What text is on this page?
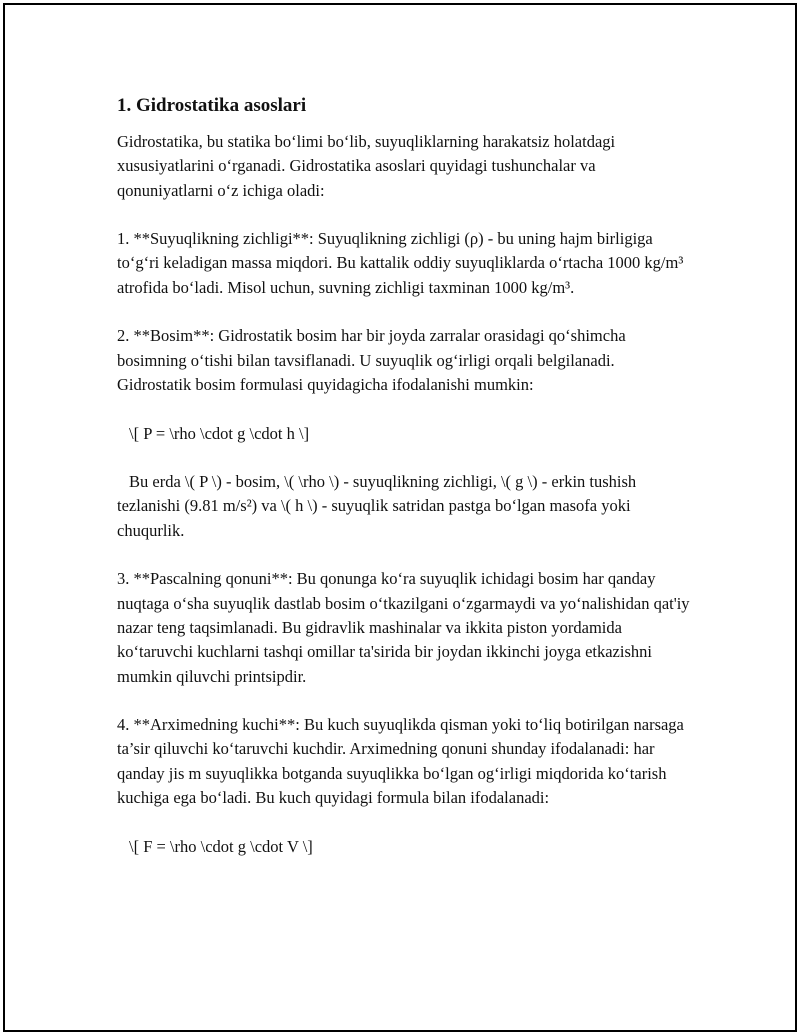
1. Gidrostatika asoslari

Gidrostatika, bu statika bo‘limi bo‘lib, suyuqliklarning harakatsiz holatdagi xususiyatlarini o‘rganadi. Gidrostatika asoslari quyidagi tushunchalar va qonuniyatlarni o‘z ichiga oladi:

1. **Suyuqlikning zichligi**: Suyuqlikning zichligi (ρ) - bu uning hajm birligiga to‘g‘ri keladigan massa miqdori. Bu kattalik oddiy suyuqliklarda o‘rtacha 1000 kg/m³ atrofida bo‘ladi. Misol uchun, suvning zichligi taxminan 1000 kg/m³.

2. **Bosim**: Gidrostatik bosim har bir joyda zarralar orasidagi qo‘shimcha bosimning o‘tishi bilan tavsiflanadi. U suyuqlik og‘irligi orqali belgilanadi. Gidrostatik bosim formulasi quyidagicha ifodalanishi mumkin:

\[ P = \rho \cdot g \cdot h \]

Bu erda \( P \) - bosim, \( \rho \) - suyuqlikning zichligi, \( g \) - erkin tushish tezlanishi (9.81 m/s²) va \( h \) - suyuqlik satridan pastga bo‘lgan masofa yoki chuqurlik.

3. **Pascalning qonuni**: Bu qonunga ko‘ra suyuqlik ichidagi bosim har qanday nuqtaga o‘sha suyuqlik dastlab bosim o‘tkazilgani o‘zgarmaydi va yo‘nalishidan qat'iy nazar teng taqsimlanadi. Bu gidravlik mashinalar va ikkita piston yordamida ko‘taruvchi kuchlarni tashqi omillar ta'sirida bir joydan ikkinchi joyga etkazishni mumkin qiluvchi printsipdir.

4. **Arximedning kuchi**: Bu kuch suyuqlikda qisman yoki to‘liq botirilgan narsaga ta’sir qiluvchi ko‘taruvchi kuchdir. Arximedning qonuni shunday ifodalanadi: har qanday jis m suyuqlikka botganda suyuqlikka bo‘lgan og‘irligi miqdorida ko‘tarish kuchiga ega bo‘ladi. Bu kuch quyidagi formula bilan ifodalanadi:

\[ F = \rho \cdot g \cdot V \]
